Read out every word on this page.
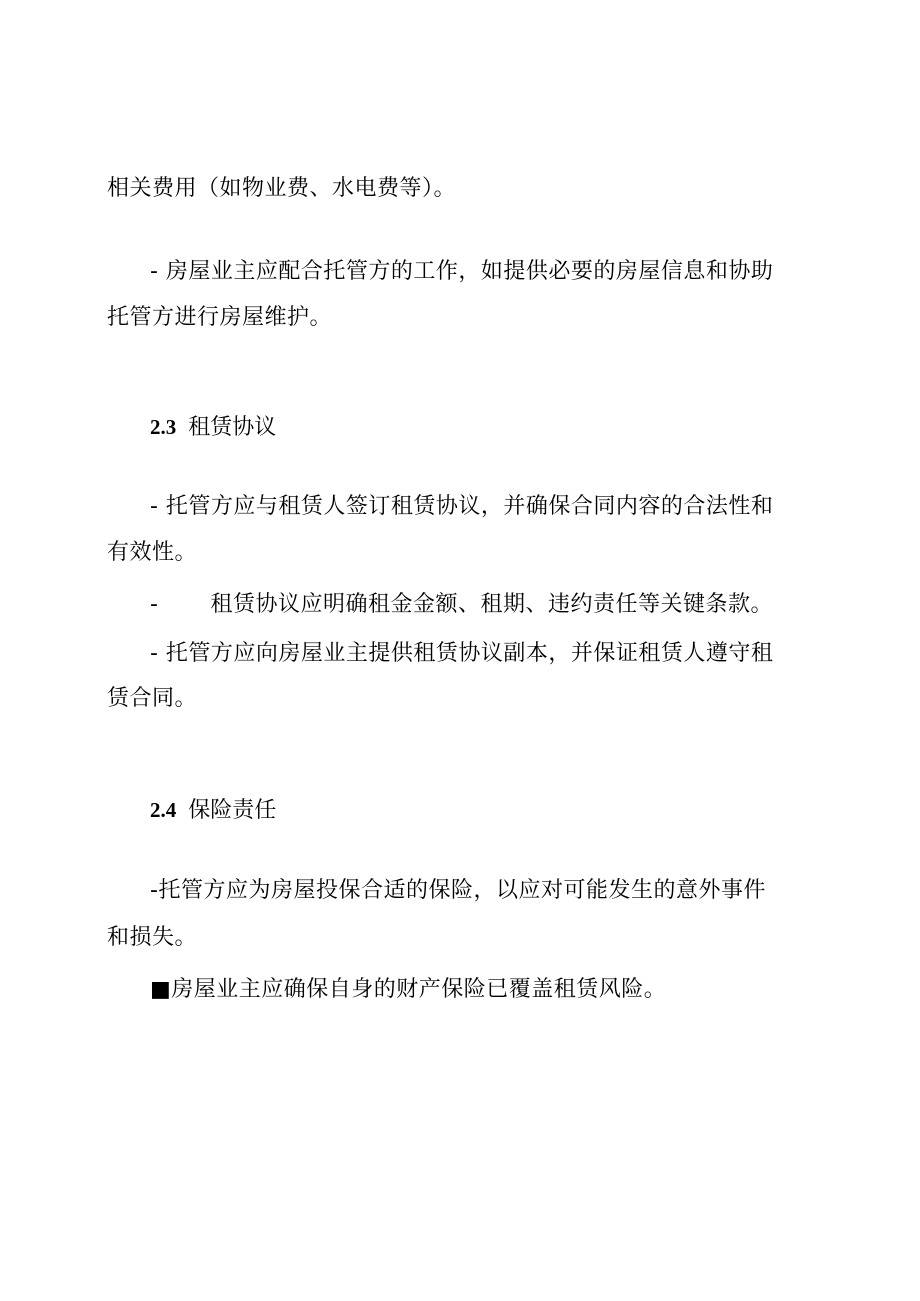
相关费用（如物业费、水电费等）。
- 房屋业主应配合托管方的工作，如提供必要的房屋信息和协助
托管方进行房屋维护。
2.3 租赁协议
- 托管方应与租赁人签订租赁协议，并确保合同内容的合法性和
有效性。
- 租赁协议应明确租金金额、租期、违约责任等关键条款。
- 托管方应向房屋业主提供租赁协议副本，并保证租赁人遵守租
赁合同。
2.4 保险责任
-托管方应为房屋投保合适的保险，以应对可能发生的意外事件
和损失。
■房屋业主应确保自身的财产保险已覆盖租赁风险。
